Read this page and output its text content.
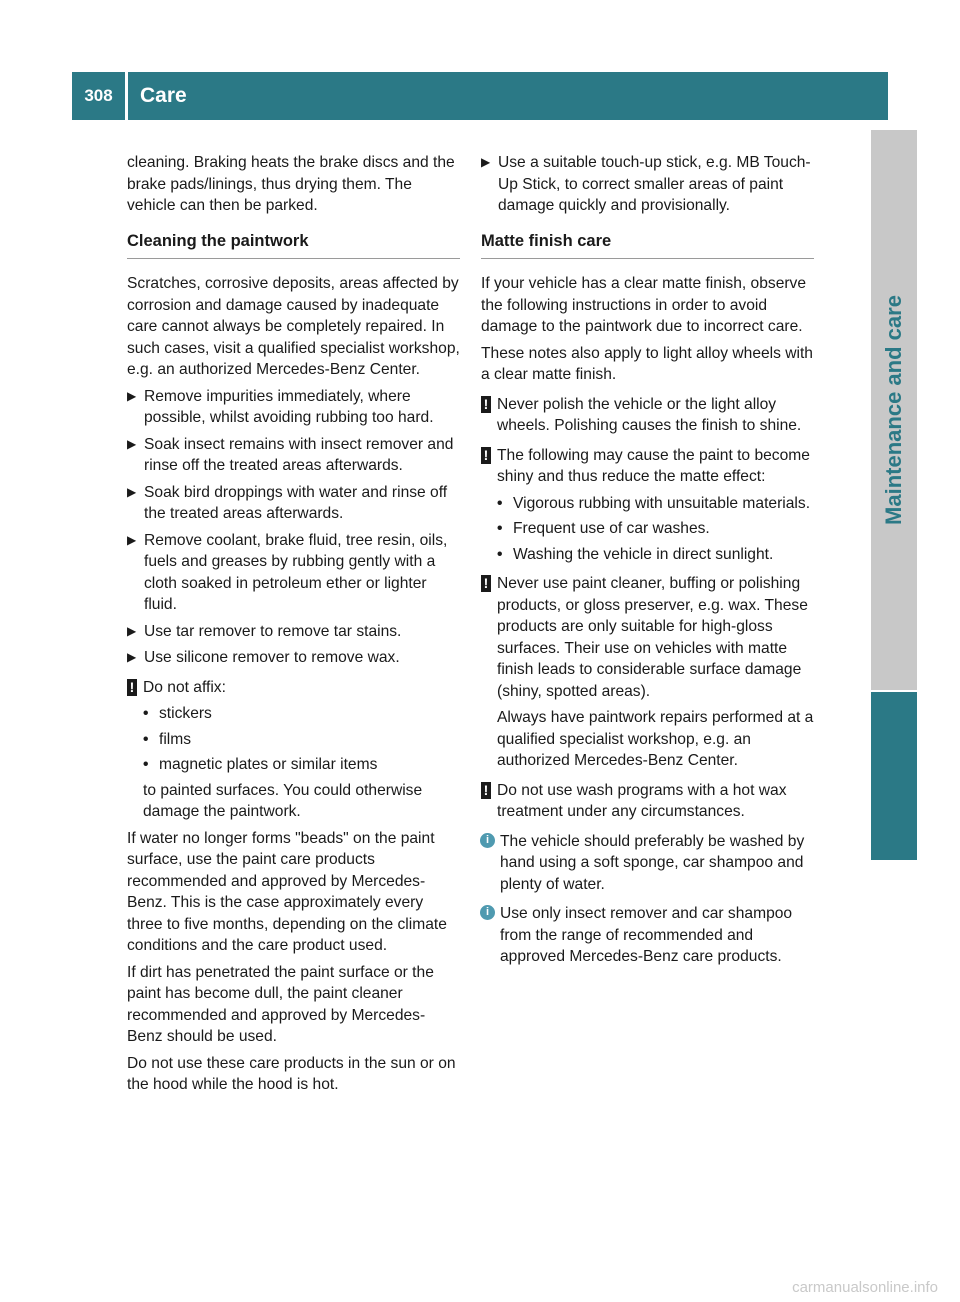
308	Care
Maintenance and care

cleaning. Braking heats the brake discs and the brake pads/linings, thus drying them. The vehicle can then be parked.

Cleaning the paintwork

Scratches, corrosive deposits, areas affected by corrosion and damage caused by inadequate care cannot always be completely repaired. In such cases, visit a qualified specialist workshop, e.g. an authorized Mercedes-Benz Center.

▶ Remove impurities immediately, where possible, whilst avoiding rubbing too hard.
▶ Soak insect remains with insect remover and rinse off the treated areas afterwards.
▶ Soak bird droppings with water and rinse off the treated areas afterwards.
▶ Remove coolant, brake fluid, tree resin, oils, fuels and greases by rubbing gently with a cloth soaked in petroleum ether or lighter fluid.
▶ Use tar remover to remove tar stains.
▶ Use silicone remover to remove wax.
! Do not affix:
• stickers
• films
• magnetic plates or similar items

to painted surfaces. You could otherwise damage the paintwork.

If water no longer forms "beads" on the paint surface, use the paint care products recommended and approved by Mercedes-Benz. This is the case approximately every three to five months, depending on the climate conditions and the care product used.

If dirt has penetrated the paint surface or the paint has become dull, the paint cleaner recommended and approved by Mercedes-Benz should be used.

Do not use these care products in the sun or on the hood while the hood is hot.

▶ Use a suitable touch-up stick, e.g. MB Touch-Up Stick, to correct smaller areas of paint damage quickly and provisionally.
Matte finish care

If your vehicle has a clear matte finish, observe the following instructions in order to avoid damage to the paintwork due to incorrect care.

These notes also apply to light alloy wheels with a clear matte finish.

! Never polish the vehicle or the light alloy wheels. Polishing causes the finish to shine.
! The following may cause the paint to become shiny and thus reduce the matte effect:
• Vigorous rubbing with unsuitable materials.
• Frequent use of car washes.
• Washing the vehicle in direct sunlight.
! Never use paint cleaner, buffing or polishing products, or gloss preserver, e.g. wax. These products are only suitable for high-gloss surfaces. Their use on vehicles with matte finish leads to considerable surface damage (shiny, spotted areas).

Always have paintwork repairs performed at a qualified specialist workshop, e.g. an authorized Mercedes-Benz Center.

! Do not use wash programs with a hot wax treatment under any circumstances.
i The vehicle should preferably be washed by hand using a soft sponge, car shampoo and plenty of water.
i Use only insect remover and car shampoo from the range of recommended and approved Mercedes-Benz care products.
carmanualsonline.info
